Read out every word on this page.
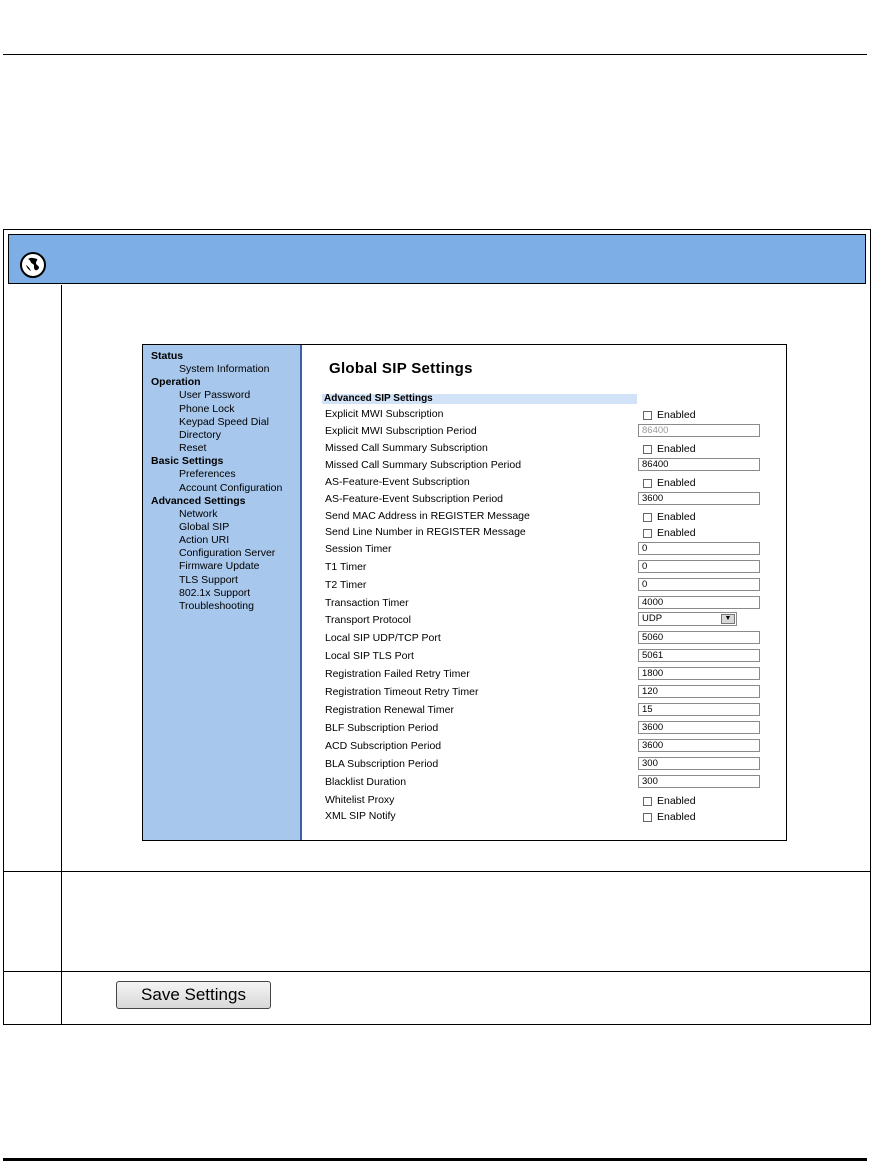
Status
System Information
Operation
User Password
Phone Lock
Keypad Speed Dial
Directory
Reset
Basic Settings
Preferences
Account Configuration
Advanced Settings
Network
Global SIP
Action URI
Configuration Server
Firmware Update
TLS Support
802.1x Support
Troubleshooting
Global SIP Settings
Advanced SIP Settings
Explicit MWI Subscription	Enabled
Explicit MWI Subscription Period	86400
Missed Call Summary Subscription	Enabled
Missed Call Summary Subscription Period	86400
AS-Feature-Event Subscription	Enabled
AS-Feature-Event Subscription Period	3600
Send MAC Address in REGISTER Message	Enabled
Send Line Number in REGISTER Message	Enabled
Session Timer	0
T1 Timer	0
T2 Timer	0
Transaction Timer	4000
Transport Protocol	UDP	▼
Local SIP UDP/TCP Port	5060
Local SIP TLS Port	5061
Registration Failed Retry Timer	1800
Registration Timeout Retry Timer	120
Registration Renewal Timer	15
BLF Subscription Period	3600
ACD Subscription Period	3600
BLA Subscription Period	300
Blacklist Duration	300
Whitelist Proxy	Enabled
XML SIP Notify	Enabled
Save Settings
